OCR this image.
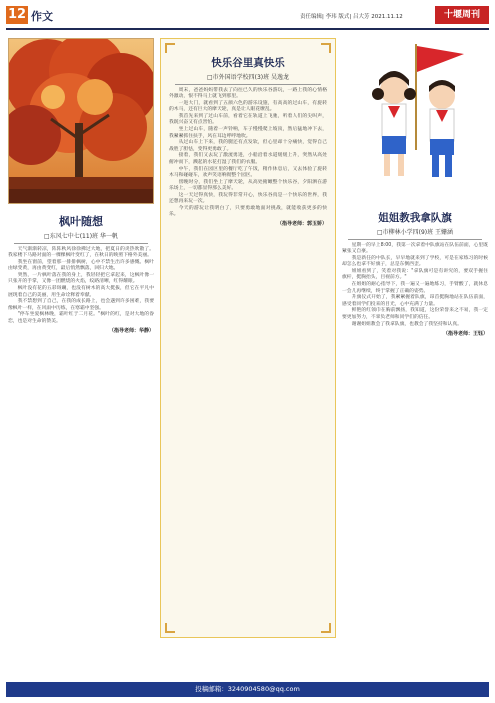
12 作文	责任编辑| 李玮 版式| 吕大芳 2021.11.12	十堰周刊
枫叶随想
□东风七中七(11)班 华一帆

天气渐渐转凉，阵阵秋风徐徐拂过大地，把夏日的炎热吹散了。我家楼下马路对面的一棵棵枫叶变红了，在秋日的映照下格外美丽。

我坐在窗前，望着那一排排枫树，心中不禁生出许多感慨。枫叶由绿变黄，再由黄变红，最后悄然飘落，回归大地。

突然，一片枫叶落在我的身上，我轻轻把它拿起来，这枫叶像一只张开的手掌，又像一团燃烧的火焰，纹路清晰，红得耀眼。

枫叶没有花的五彩斑斓，也没有树木的高大挺拔，但它在平凡中展现着自己的美丽，用生命诠释着奉献。

我不禁想到了自己，在我的成长路上，也会遇到许多困难，我要像枫叶一样，在风雨中历练，在寒霜中坚强。

"停车坐爱枫林晚，霜叶红于二月花。"枫叶的红，是对大地的眷恋，也是对生命的赞美。

（指导老师：华静）
快乐谷里真快乐
□市外国语学校四(3)班 吴逸龙

周末，爸爸妈妈带我去了向往已久的快乐谷游玩，一路上我的心情格外激动，恨不得马上就飞到那里。

一进大门，就看到了五颜六色的游乐设施，有高高的过山车，有旋转的木马，还有巨大的摩天轮，真是让人眼花缭乱。

我首先来到了过山车前，看着它在轨道上飞驰，听着人们的尖叫声，我既兴奋又有点害怕。

坐上过山车，随着一声铃响，车子慢慢爬上坡顶，然后猛地冲下去，我紧紧抓住扶手，风在耳边呼呼地吹。

从过山车上下来，我的腿还有点发软，但心里却十分痛快，觉得自己战胜了胆怯，变得更勇敢了。

接着，我们又去玩了激流勇进，小船沿着水道缓缓上升，突然从高处俯冲而下，溅起的水花打湿了我们的衣服。

中午，我们在园区里的餐厅吃了午饭，稍作休息后，又去体验了旋转木马和碰碰车，欢声笑语响彻整个园区。

傍晚时分，我们坐上了摩天轮，从高处俯瞰整个快乐谷，夕阳洒在游乐场上，一切都显得那么美好。

这一天过得真快，我玩得非常开心，快乐谷真是一个快乐的世界，我还想再来玩一次。

今天的游玩让我明白了，只要勇敢地面对挑战，就能收获更多的快乐。

（指导老师：郭玉娇）
姐姐教我拿队旗
□市柳林小学四(9)班 王姗涵

星期一的早上8:00，我第一次拿着中队旗站在队伍前面，心里既紧张又自豪。

我是新任的中队长，早早地就来到了学校，可是在家练习的时候却怎么也拿不好旗子，总是东倒西歪。

姐姐看到了，笑着对我说："拿队旗可是有讲究的，要双手握住旗杆，挺胸抬头，目视前方。"

在姐姐的耐心指导下，我一遍又一遍地练习，手臂酸了，就休息一会儿再继续，终于掌握了正确的姿势。

升旗仪式开始了，我紧紧握着队旗，昂首挺胸地站在队伍前面，感受着同学们投来的目光，心中充满了力量。

鲜艳的红领巾在胸前飘扬，我知道，这份荣誉来之不易，我一定要更加努力，不辜负老师和同学们的信任。

谢谢姐姐教会了我拿队旗，也教会了我坚持和认真。

（指导老师：王钰）
投稿邮箱：3240904580@qq.com
